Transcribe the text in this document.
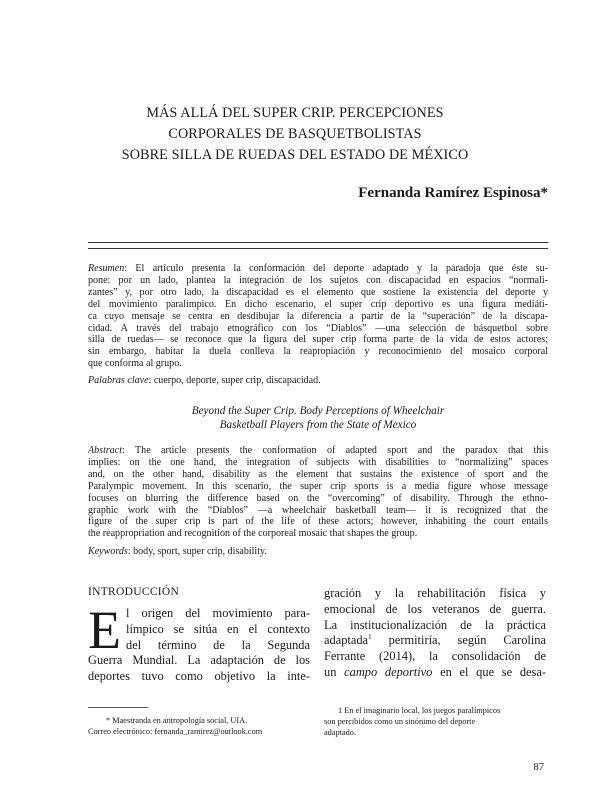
MÁS ALLÁ DEL SUPER CRIP. PERCEPCIONES
CORPORALES DE BASQUETBOLISTAS
SOBRE SILLA DE RUEDAS DEL ESTADO DE MÉXICO
Fernanda Ramírez Espinosa*
Resumen: El artículo presenta la conformación del deporte adaptado y la paradoja que éste su-
pone: por un lado, plantea la integración de los sujetos con discapacidad en espacios “normali-
zantes” y, por otro lado, la discapacidad es el elemento que sostiene la existencia del deporte y
del movimiento paralímpico. En dicho escenario, el super crip deportivo es una figura mediáti-
ca cuyo mensaje se centra en desdibujar la diferencia a partir de la “superación” de la discapa-
cidad. A través del trabajo etnográfico con los “Diablos” —una selección de básquetbol sobre
silla de ruedas— se reconoce que la figura del super crip forma parte de la vida de estos actores;
sin embargo, habitar la duela conlleva la reapropiación y reconocimiento del mosaico corporal
que conforma al grupo.
Palabras clave: cuerpo, deporte, super crip, discapacidad.
Beyond the Super Crip. Body Perceptions of Wheelchair
Basketball Players from the State of Mexico
Abstract: The article presents the conformation of adapted sport and the paradox that this
implies: on the one hand, the integration of subjects with disabilities to “normalizing” spaces
and, on the other hand, disability as the element that sustains the existence of sport and the
Paralympic movement. In this scenario, the super crip sports is a media figure whose message
focuses on blurring the difference based on the “overcoming” of disability. Through the ethno-
graphic work with the “Diablos” —a wheelchair basketball team— it is recognized that the
figure of the super crip is part of the life of these actors; however, inhabiting the court entails
the reappropriation and recognition of the corporeal mosaic that shapes the group.
Keywords: body, sport, super crip, disability.
INTRODUCCIÓN
E l origen del movimiento para-
límpico se sitúa en el contexto
del término de la Segunda
Guerra Mundial. La adaptación de los
deportes tuvo como objetivo la inte-
gración y la rehabilitación física y
emocional de los veteranos de guerra.
La institucionalización de la práctica
adaptada$^1$ permitiría, según Carolina
Ferrante (2014), la consolidación de
un campo deportivo en el que se desa-
* Maestranda en antropología social, UIA.
Correo electrónico: fernanda_ramirez@outlook.com
1 En el imaginario local, los juegos paralímpicos
son percibidos como un sinónimo del deporte
adaptado.
87
